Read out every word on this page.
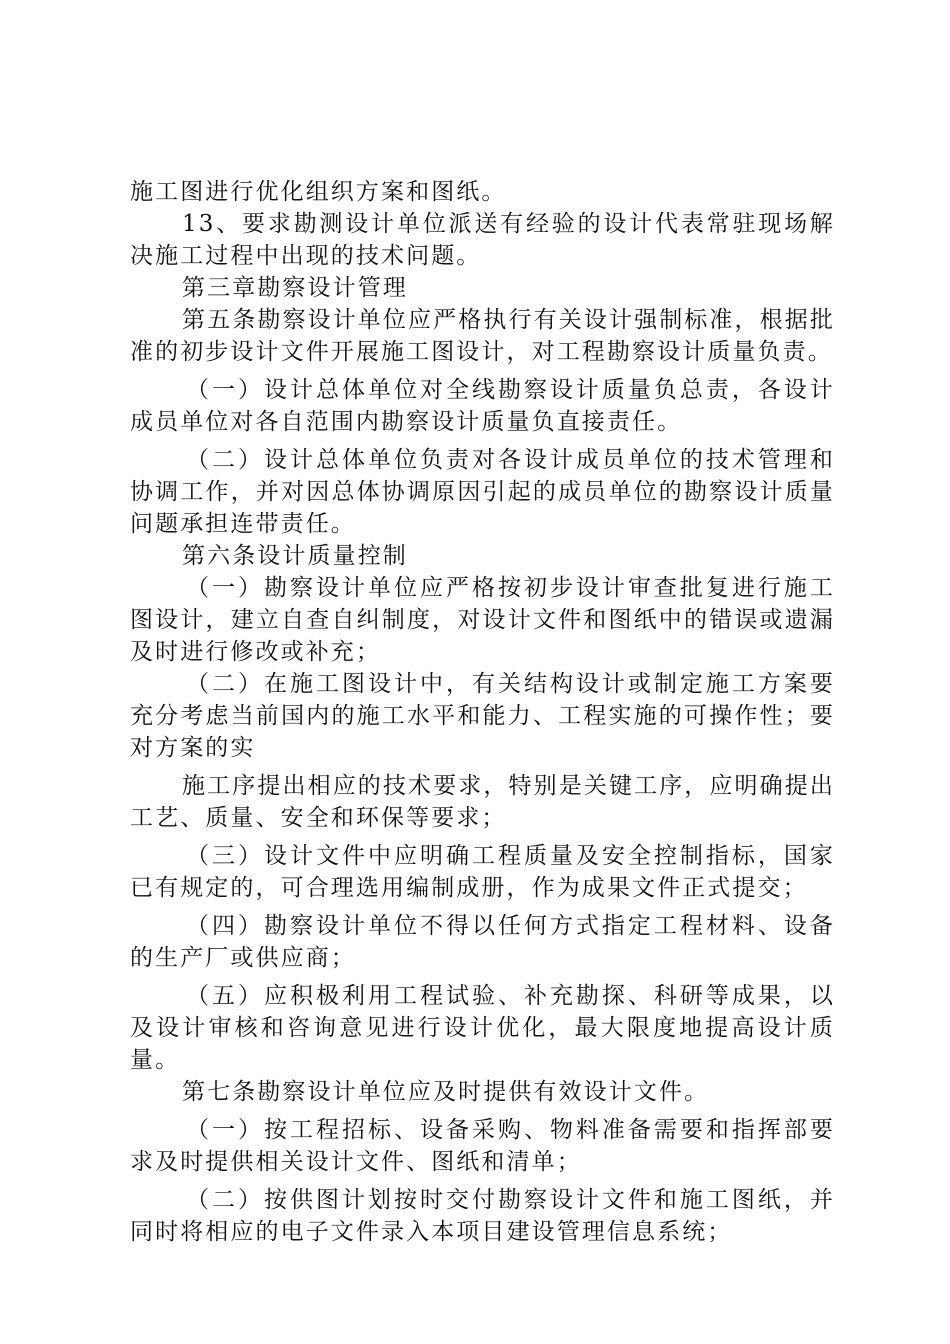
施工图进行优化组织方案和图纸。

13、要求勘测设计单位派送有经验的设计代表常驻现场解决施工过程中出现的技术问题。

第三章勘察设计管理

第五条勘察设计单位应严格执行有关设计强制标准，根据批准的初步设计文件开展施工图设计，对工程勘察设计质量负责。

（一）设计总体单位对全线勘察设计质量负总责，各设计成员单位对各自范围内勘察设计质量负直接责任。

（二）设计总体单位负责对各设计成员单位的技术管理和协调工作，并对因总体协调原因引起的成员单位的勘察设计质量问题承担连带责任。

第六条设计质量控制

（一）勘察设计单位应严格按初步设计审查批复进行施工图设计，建立自查自纠制度，对设计文件和图纸中的错误或遗漏及时进行修改或补充；

（二）在施工图设计中，有关结构设计或制定施工方案要充分考虑当前国内的施工水平和能力、工程实施的可操作性；要对方案的实

施工序提出相应的技术要求，特别是关键工序，应明确提出工艺、质量、安全和环保等要求；

（三）设计文件中应明确工程质量及安全控制指标，国家已有规定的，可合理选用编制成册，作为成果文件正式提交；

（四）勘察设计单位不得以任何方式指定工程材料、设备的生产厂或供应商；

（五）应积极利用工程试验、补充勘探、科研等成果，以及设计审核和咨询意见进行设计优化，最大限度地提高设计质量。

第七条勘察设计单位应及时提供有效设计文件。

（一）按工程招标、设备采购、物料准备需要和指挥部要求及时提供相关设计文件、图纸和清单；

（二）按供图计划按时交付勘察设计文件和施工图纸，并同时将相应的电子文件录入本项目建设管理信息系统；
